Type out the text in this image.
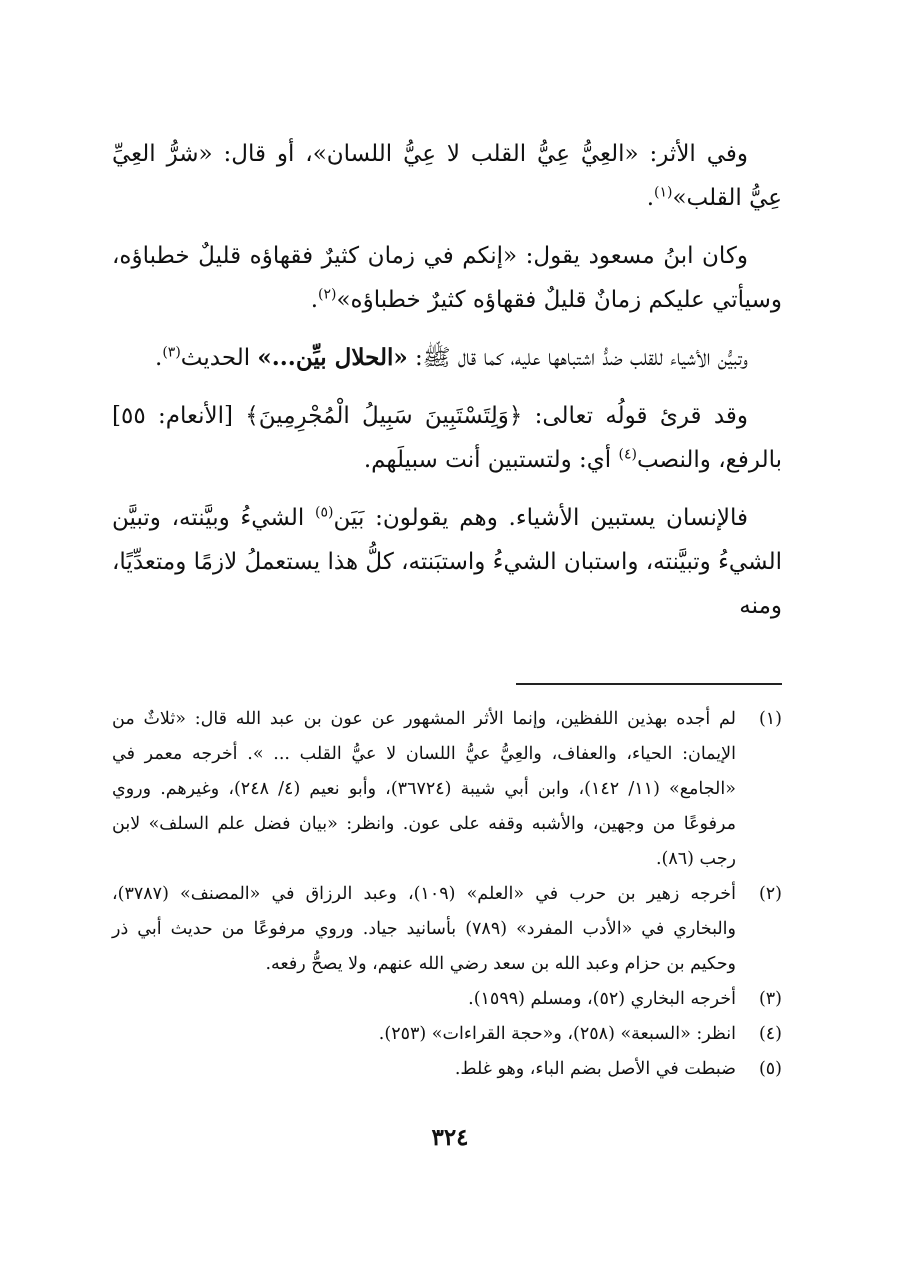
وفي الأثر: «العِيُّ عِيُّ القلب لا عِيُّ اللسان»، أو قال: «شرُّ العِيِّ عِيُّ القلب»$^{(١)}$.

وكان ابنُ مسعود يقول: «إنكم في زمان كثيرٌ فقهاؤه قليلٌ خطباؤه، وسيأتي عليكم زمانٌ قليلٌ فقهاؤه كثيرٌ خطباؤه»$^{(٢)}$.

وتبيُّن الأشياء للقلب ضدُّ اشتباهها عليه، كما قال ﷺ: «الحلال بيِّن...» الحديث$^{(٣)}$.

وقد قرئ قولُه تعالى: ﴿وَلِتَسْتَبِينَ سَبِيلُ الْمُجْرِمِينَ﴾ [الأنعام: ٥٥] بالرفع، والنصب$^{(٤)}$ أي: ولتستبين أنت سبيلَهم.

فالإنسان يستبين الأشياء. وهم يقولون: بَيَن$^{(٥)}$ الشيءُ وبيَّنته، وتبيَّن الشيءُ وتبيَّنته، واستبان الشيءُ واستبَنته، كلُّ هذا يستعملُ لازمًا ومتعدِّيًا، ومنه

(١)
لم أجده بهذين اللفظين، وإنما الأثر المشهور عن عون بن عبد الله قال: «ثلاثٌ من الإيمان: الحياء، والعفاف، والعِيُّ عيُّ اللسان لا عيُّ القلب ... ». أخرجه معمر في «الجامع» (١١/ ١٤٢)، وابن أبي شيبة (٣٦٧٢٤)، وأبو نعيم (٤/ ٢٤٨)، وغيرهم. وروي مرفوعًا من وجهين، والأشبه وقفه على عون. وانظر: «بيان فضل علم السلف» لابن رجب (٨٦).
(٢)
أخرجه زهير بن حرب في «العلم» (١٠٩)، وعبد الرزاق في «المصنف» (٣٧٨٧)، والبخاري في «الأدب المفرد» (٧٨٩) بأسانيد جياد. وروي مرفوعًا من حديث أبي ذر وحكيم بن حزام وعبد الله بن سعد رضي الله عنهم، ولا يصحُّ رفعه.
(٣)
أخرجه البخاري (٥٢)، ومسلم (١٥٩٩).
(٤)
انظر: «السبعة» (٢٥٨)، و«حجة القراءات» (٢٥٣).
(٥)
ضبطت في الأصل بضم الباء، وهو غلط.
٣٢٤
